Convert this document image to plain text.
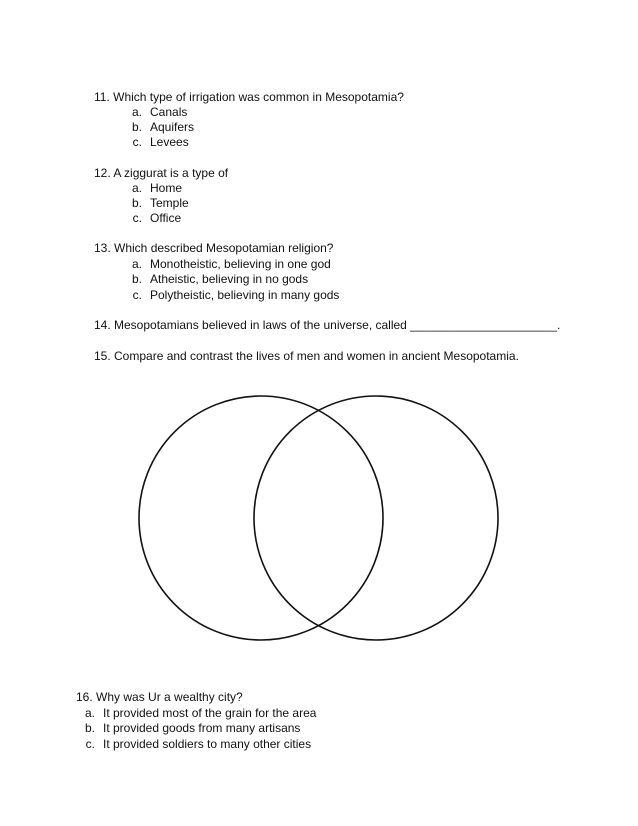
11. Which type of irrigation was common in Mesopotamia?
a. Canals
b. Aquifers
c. Levees
12. A ziggurat is a type of
a. Home
b. Temple
c. Office
13. Which described Mesopotamian religion?
a. Monotheistic, believing in one god
b. Atheistic, believing in no gods
c. Polytheistic, believing in many gods
14. Mesopotamians believed in laws of the universe, called ______________________.
15. Compare and contrast the lives of men and women in ancient Mesopotamia.
16. Why was Ur a wealthy city?
a. It provided most of the grain for the area
b. It provided goods from many artisans
c. It provided soldiers to many other cities
